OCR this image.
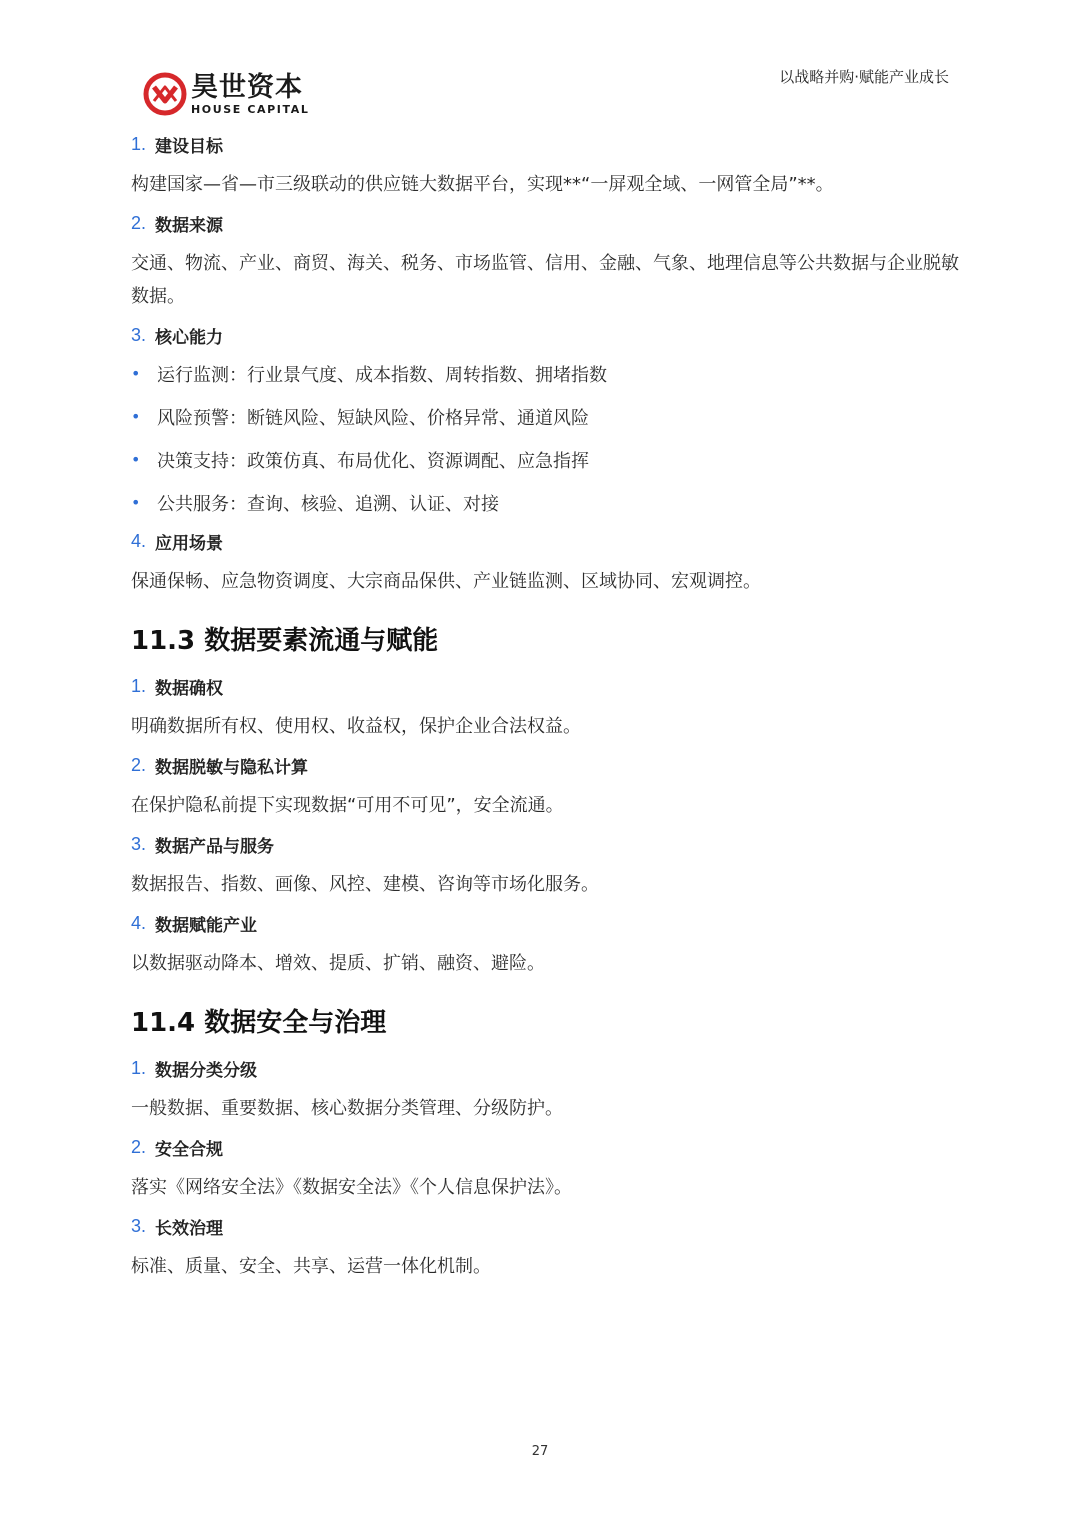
昊世资本
HOUSE CAPITAL
以战略并购·赋能产业成长
1. 建设目标
构建国家—省—市三级联动的供应链大数据平台，实现**“一屏观全域、一网管全局”**。
2. 数据来源
交通、物流、产业、商贸、海关、税务、市场监管、信用、金融、气象、地理信息等公共数据与企业脱敏数据。
3. 核心能力
• 运行监测：行业景气度、成本指数、周转指数、拥堵指数
• 风险预警：断链风险、短缺风险、价格异常、通道风险
• 决策支持：政策仿真、布局优化、资源调配、应急指挥
• 公共服务：查询、核验、追溯、认证、对接
4. 应用场景
保通保畅、应急物资调度、大宗商品保供、产业链监测、区域协同、宏观调控。
11.3 数据要素流通与赋能
1. 数据确权
明确数据所有权、使用权、收益权，保护企业合法权益。
2. 数据脱敏与隐私计算
在保护隐私前提下实现数据“可用不可见”，安全流通。
3. 数据产品与服务
数据报告、指数、画像、风控、建模、咨询等市场化服务。
4. 数据赋能产业
以数据驱动降本、增效、提质、扩销、融资、避险。
11.4 数据安全与治理
1. 数据分类分级
一般数据、重要数据、核心数据分类管理、分级防护。
2. 安全合规
落实《网络安全法》《数据安全法》《个人信息保护法》。
3. 长效治理
标准、质量、安全、共享、运营一体化机制。
27
